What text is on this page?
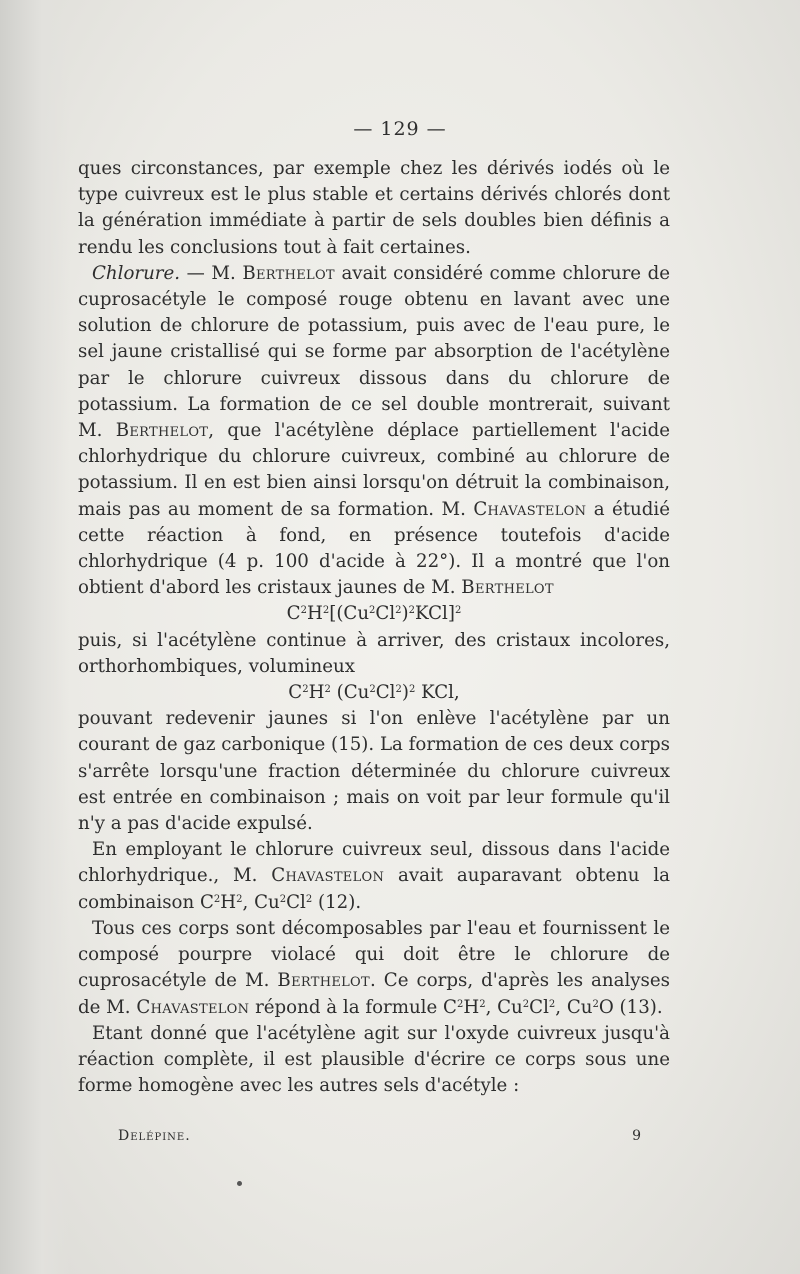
— 129 —

ques circonstances, par exemple chez les dérivés iodés où le type cuivreux est le plus stable et certains dérivés chlorés dont la génération immédiate à partir de sels doubles bien définis a rendu les conclusions tout à fait certaines.

Chlorure. — M. Berthelot avait considéré comme chlorure de cuprosacétyle le composé rouge obtenu en lavant avec une solution de chlorure de potassium, puis avec de l'eau pure, le sel jaune cristallisé qui se forme par absorption de l'acétylène par le chlorure cuivreux dissous dans du chlorure de potassium. La formation de ce sel double montrerait, suivant M. Berthelot, que l'acétylène déplace partiellement l'acide chlorhydrique du chlorure cuivreux, combiné au chlorure de potassium. Il en est bien ainsi lorsqu'on détruit la combinaison, mais pas au moment de sa formation. M. Chavastelon a étudié cette réaction à fond, en présence toutefois d'acide chlorhydrique (4 p. 100 d'acide à 22°). Il a montré que l'on obtient d'abord les cristaux jaunes de M. Berthelot

$C^2H^2[(Cu^2Cl^2)^2KCl]^2$

puis, si l'acétylène continue à arriver, des cristaux incolores, orthorhombiques, volumineux

$C^2H^2$ $(Cu^2Cl^2)^2$ KCl,

pouvant redevenir jaunes si l'on enlève l'acétylène par un courant de gaz carbonique (15). La formation de ces deux corps s'arrête lorsqu'une fraction déterminée du chlorure cuivreux est entrée en combinaison ; mais on voit par leur formule qu'il n'y a pas d'acide expulsé.

En employant le chlorure cuivreux seul, dissous dans l'acide chlorhydrique., M. Chavastelon avait auparavant obtenu la combinaison $C^2H^2$, Cu$^2$Cl$^2$ (12).

Tous ces corps sont décomposables par l'eau et fournissent le composé pourpre violacé qui doit être le chlorure de cuprosacétyle de M. Berthelot. Ce corps, d'après les analyses de M. Chavastelon répond à la formule $C^2H^2$, Cu$^2$Cl$^2$, Cu$^2$O (13).

Etant donné que l'acétylène agit sur l'oxyde cuivreux jusqu'à réaction complète, il est plausible d'écrire ce corps sous une forme homogène avec les autres sels d'acétyle :

Delépine.	9
